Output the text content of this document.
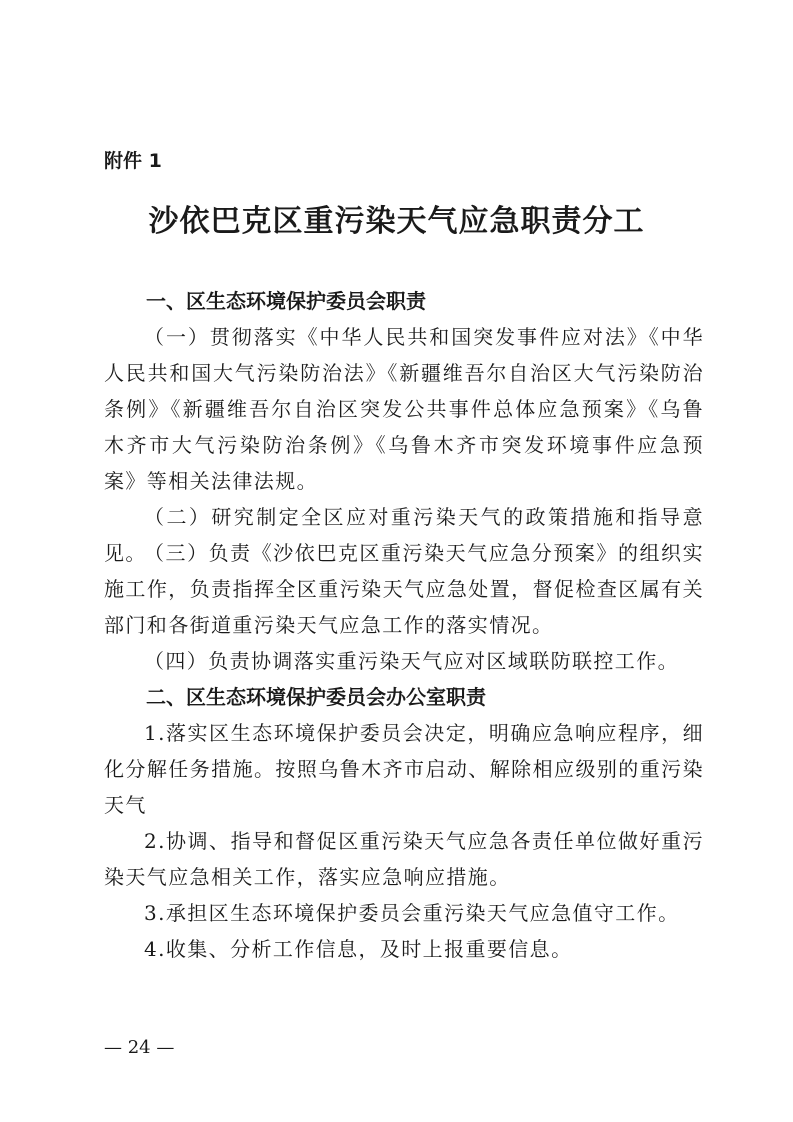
附件 1
沙依巴克区重污染天气应急职责分工
一、区生态环境保护委员会职责

（一）贯彻落实《中华人民共和国突发事件应对法》《中华人民共和国大气污染防治法》《新疆维吾尔自治区大气污染防治条例》《新疆维吾尔自治区突发公共事件总体应急预案》《乌鲁木齐市大气污染防治条例》《乌鲁木齐市突发环境事件应急预案》等相关法律法规。

（二）研究制定全区应对重污染天气的政策措施和指导意见。

（三）负责《沙依巴克区重污染天气应急分预案》的组织实施工作，负责指挥全区重污染天气应急处置，督促检查区属有关部门和各街道重污染天气应急工作的落实情况。

（四）负责协调落实重污染天气应对区域联防联控工作。

二、区生态环境保护委员会办公室职责

1.落实区生态环境保护委员会决定，明确应急响应程序，细化分解任务措施。按照乌鲁木齐市启动、解除相应级别的重污染天气

2.协调、指导和督促区重污染天气应急各责任单位做好重污染天气应急相关工作，落实应急响应措施。

3.承担区生态环境保护委员会重污染天气应急值守工作。

4.收集、分析工作信息，及时上报重要信息。

— 24 —
